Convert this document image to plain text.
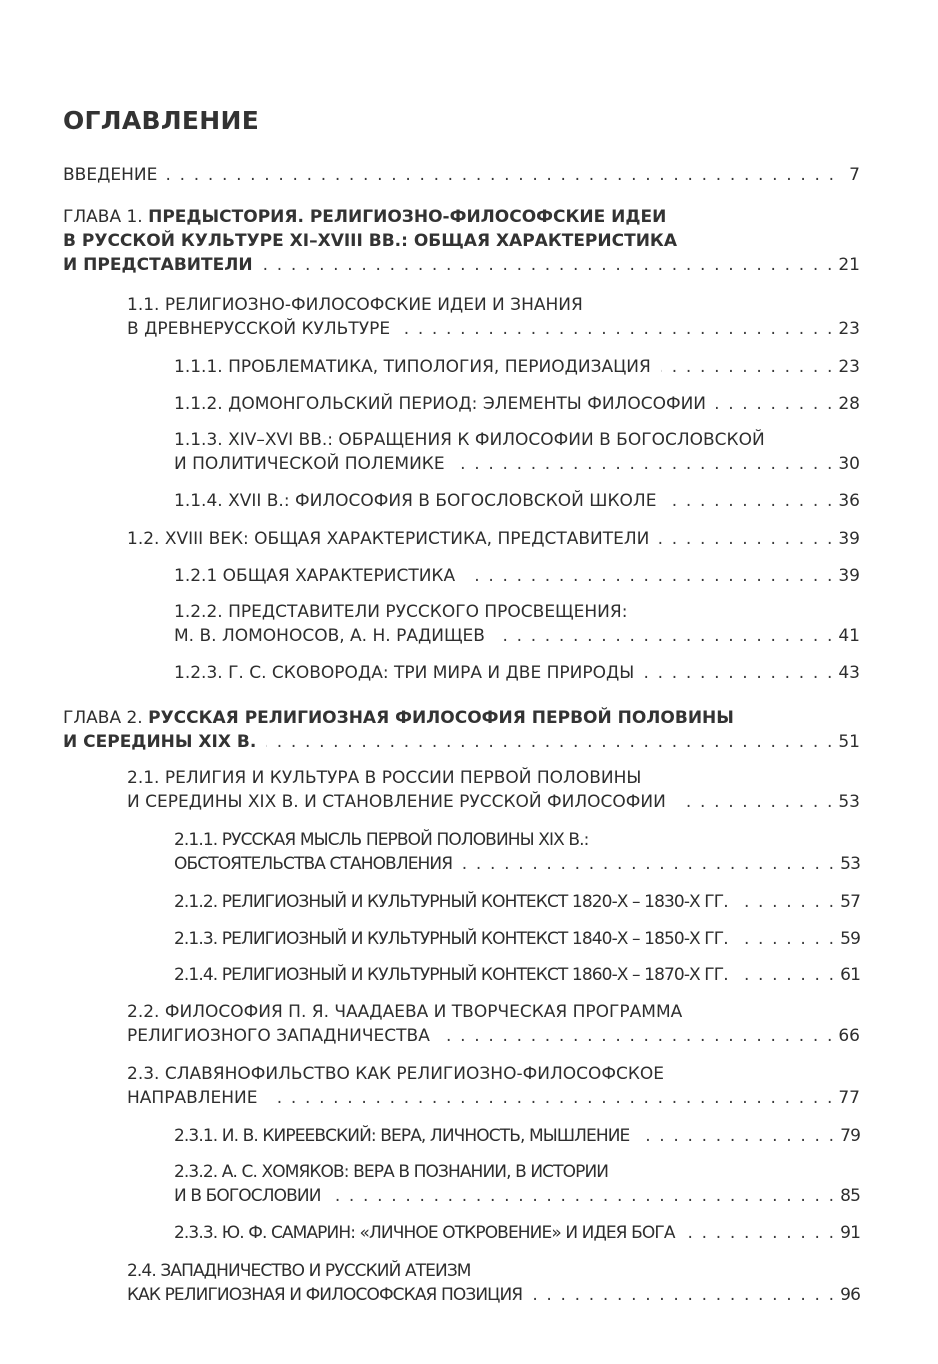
ОГЛАВЛЕНИЕ
ВВЕДЕНИЕ . . .	7
ГЛАВА 1. ПРЕДЫСТОРИЯ. РЕЛИГИОЗНО-ФИЛОСОФСКИЕ ИДЕИ
В РУССКОЙ КУЛЬТУРЕ XI–XVIII ВВ.: ОБЩАЯ ХАРАКТЕРИСТИКА
И ПРЕДСТАВИТЕЛИ . . .	21
1.1. РЕЛИГИОЗНО-ФИЛОСОФСКИЕ ИДЕИ И ЗНАНИЯ
В ДРЕВНЕРУССКОЙ КУЛЬТУРЕ . . .	23
1.1.1. ПРОБЛЕМАТИКА, ТИПОЛОГИЯ, ПЕРИОДИЗАЦИЯ . . .	23
1.1.2. ДОМОНГОЛЬСКИЙ ПЕРИОД: ЭЛЕМЕНТЫ ФИЛОСОФИИ . . .	28
1.1.3. XIV–XVI ВВ.: ОБРАЩЕНИЯ К ФИЛОСОФИИ В БОГОСЛОВСКОЙ
И ПОЛИТИЧЕСКОЙ ПОЛЕМИКЕ . . .	30
1.1.4. XVII В.: ФИЛОСОФИЯ В БОГОСЛОВСКОЙ ШКОЛЕ . . .	36
1.2. XVIII ВЕК: ОБЩАЯ ХАРАКТЕРИСТИКА, ПРЕДСТАВИТЕЛИ . . .	39
1.2.1 ОБЩАЯ ХАРАКТЕРИСТИКА . . .	39
1.2.2. ПРЕДСТАВИТЕЛИ РУССКОГО ПРОСВЕЩЕНИЯ:
М. В. ЛОМОНОСОВ, А. Н. РАДИЩЕВ . . .	41
1.2.3. Г. С. СКОВОРОДА: ТРИ МИРА И ДВЕ ПРИРОДЫ . . .	43
ГЛАВА 2. РУССКАЯ РЕЛИГИОЗНАЯ ФИЛОСОФИЯ ПЕРВОЙ ПОЛОВИНЫ
И СЕРЕДИНЫ XIX В. . . .	51
2.1. РЕЛИГИЯ И КУЛЬТУРА В РОССИИ ПЕРВОЙ ПОЛОВИНЫ
И СЕРЕДИНЫ XIX В. И СТАНОВЛЕНИЕ РУССКОЙ ФИЛОСОФИИ . . .	53
2.1.1. РУССКАЯ МЫСЛЬ ПЕРВОЙ ПОЛОВИНЫ XIX В.:
ОБСТОЯТЕЛЬСТВА СТАНОВЛЕНИЯ . . .	53
2.1.2. РЕЛИГИОЗНЫЙ И КУЛЬТУРНЫЙ КОНТЕКСТ 1820-Х – 1830-Х ГГ. . . .	57
2.1.3. РЕЛИГИОЗНЫЙ И КУЛЬТУРНЫЙ КОНТЕКСТ 1840-Х – 1850-Х ГГ. . . .	59
2.1.4. РЕЛИГИОЗНЫЙ И КУЛЬТУРНЫЙ КОНТЕКСТ 1860-Х – 1870-Х ГГ. . . .	61
2.2. ФИЛОСОФИЯ П. Я. ЧААДАЕВА И ТВОРЧЕСКАЯ ПРОГРАММА
РЕЛИГИОЗНОГО ЗАПАДНИЧЕСТВА . . .	66
2.3. СЛАВЯНОФИЛЬСТВО КАК РЕЛИГИОЗНО-ФИЛОСОФСКОЕ
НАПРАВЛЕНИЕ . . .	77
2.3.1. И. В. КИРЕЕВСКИЙ: ВЕРА, ЛИЧНОСТЬ, МЫШЛЕНИЕ . . .	79
2.3.2. А. С. ХОМЯКОВ: ВЕРА В ПОЗНАНИИ, В ИСТОРИИ
И В БОГОСЛОВИИ . . .	85
2.3.3. Ю. Ф. САМАРИН: «ЛИЧНОЕ ОТКРОВЕНИЕ» И ИДЕЯ БОГА . . .	91
2.4. ЗАПАДНИЧЕСТВО И РУССКИЙ АТЕИЗМ
КАК РЕЛИГИОЗНАЯ И ФИЛОСОФСКАЯ ПОЗИЦИЯ . . .	96
